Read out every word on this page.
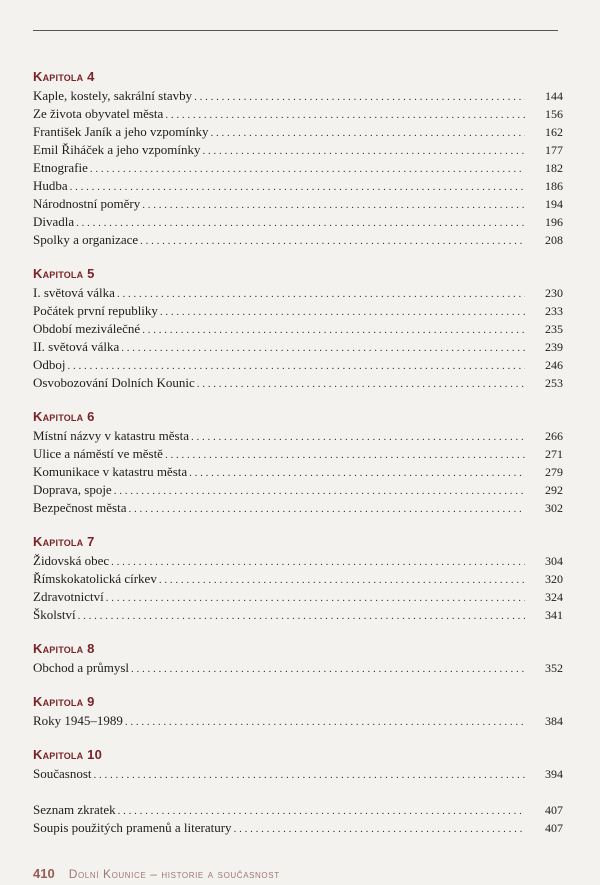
Kapitola 4
Kaple, kostely, sakrální stavby . . .	144
Ze života obyvatel města . . .	156
František Janík a jeho vzpomínky . . .	162
Emil Řiháček a jeho vzpomínky . . .	177
Etnografie . . .	182
Hudba . . .	186
Národnostní poměry . . .	194
Divadla . . .	196
Spolky a organizace . . .	208
Kapitola 5
I. světová válka . . .	230
Počátek první republiky . . .	233
Období meziválečné . . .	235
II. světová válka . . .	239
Odboj . . .	246
Osvobozování Dolních Kounic . . .	253
Kapitola 6
Místní názvy v katastru města . . .	266
Ulice a náměstí ve městě . . .	271
Komunikace v katastru města . . .	279
Doprava, spoje . . .	292
Bezpečnost města . . .	302
Kapitola 7
Židovská obec . . .	304
Římskokatolická církev . . .	320
Zdravotnictví . . .	324
Školství . . .	341
Kapitola 8
Obchod a průmysl . . .	352
Kapitola 9
Roky 1945–1989 . . .	384
Kapitola 10
Současnost . . .	394
Seznam zkratek . . .	407
Soupis použitých pramenů a literatury . . .	407
410 Dolní Kounice – historie a současnost
